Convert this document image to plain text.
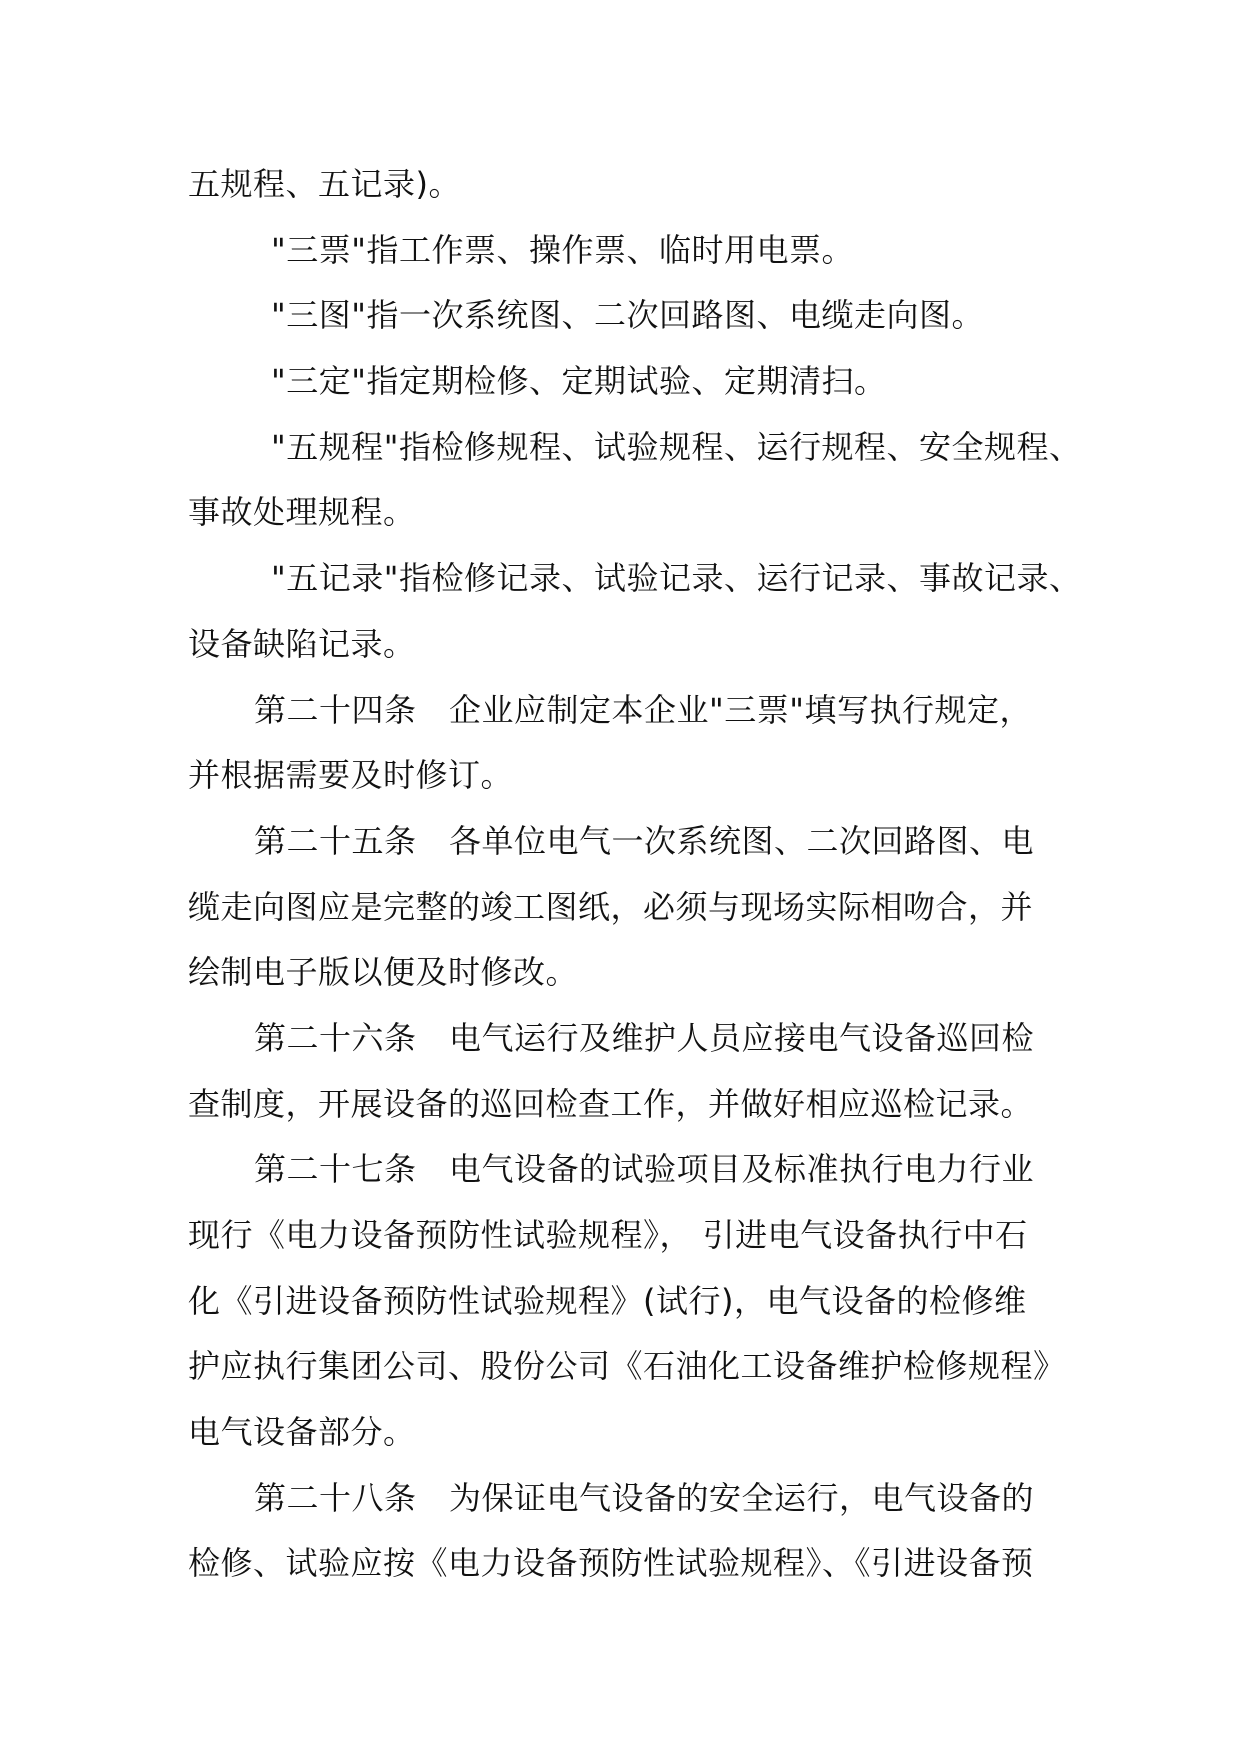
五规程、五记录)。
"三票"指工作票、操作票、临时用电票。
"三图"指一次系统图、二次回路图、电缆走向图。
"三定"指定期检修、定期试验、定期清扫。
"五规程"指检修规程、试验规程、运行规程、安全规程、
事故处理规程。
"五记录"指检修记录、试验记录、运行记录、事故记录、
设备缺陷记录。
第二十四条　企业应制定本企业"三票"填写执行规定，
并根据需要及时修订。
第二十五条　各单位电气一次系统图、二次回路图、电
缆走向图应是完整的竣工图纸，必须与现场实际相吻合，并
绘制电子版以便及时修改。
第二十六条　电气运行及维护人员应接电气设备巡回检
查制度，开展设备的巡回检查工作，并做好相应巡检记录。
第二十七条　电气设备的试验项目及标准执行电力行业
现行《电力设备预防性试验规程》， 引进电气设备执行中石
化《引进设备预防性试验规程》(试行)，电气设备的检修维
护应执行集团公司、股份公司《石油化工设备维护检修规程》
电气设备部分。
第二十八条　为保证电气设备的安全运行，电气设备的
检修、试验应按《电力设备预防性试验规程》、《引进设备预
